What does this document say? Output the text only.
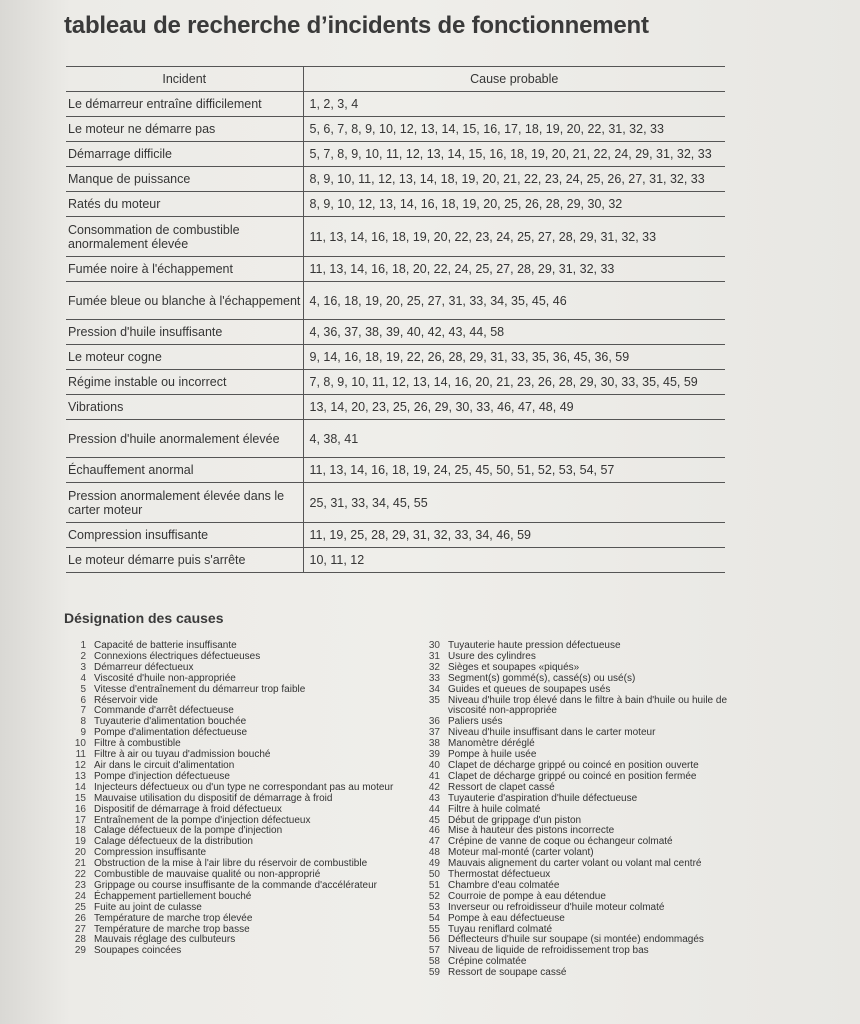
tableau de recherche d’incidents de fonctionnement
Incident	Cause probable
Le démarreur entraîne difficilement	1, 2, 3, 4
Le moteur ne démarre pas	5, 6, 7, 8, 9, 10, 12, 13, 14, 15, 16, 17, 18, 19, 20, 22, 31, 32, 33
Démarrage difficile	5, 7, 8, 9, 10, 11, 12, 13, 14, 15, 16, 18, 19, 20, 21, 22, 24, 29, 31, 32, 33
Manque de puissance	8, 9, 10, 11, 12, 13, 14, 18, 19, 20, 21, 22, 23, 24, 25, 26, 27, 31, 32, 33
Ratés du moteur	8, 9, 10, 12, 13, 14, 16, 18, 19, 20, 25, 26, 28, 29, 30, 32
Consommation de combustible anormalement élevée	11, 13, 14, 16, 18, 19, 20, 22, 23, 24, 25, 27, 28, 29, 31, 32, 33
Fumée noire à l'échappement	11, 13, 14, 16, 18, 20, 22, 24, 25, 27, 28, 29, 31, 32, 33
Fumée bleue ou blanche à l'échappement	4, 16, 18, 19, 20, 25, 27, 31, 33, 34, 35, 45, 46
Pression d'huile insuffisante	4, 36, 37, 38, 39, 40, 42, 43, 44, 58
Le moteur cogne	9, 14, 16, 18, 19, 22, 26, 28, 29, 31, 33, 35, 36, 45, 36, 59
Régime instable ou incorrect	7, 8, 9, 10, 11, 12, 13, 14, 16, 20, 21, 23, 26, 28, 29, 30, 33, 35, 45, 59
Vibrations	13, 14, 20, 23, 25, 26, 29, 30, 33, 46, 47, 48, 49
Pression d'huile anormalement élevée	4, 38, 41
Échauffement anormal	11, 13, 14, 16, 18, 19, 24, 25, 45, 50, 51, 52, 53, 54, 57
Pression anormalement élevée dans le carter moteur	25, 31, 33, 34, 45, 55
Compression insuffisante	11, 19, 25, 28, 29, 31, 32, 33, 34, 46, 59
Le moteur démarre puis s'arrête	10, 11, 12
Désignation des causes
1 Capacité de batterie insuffisante
2 Connexions électriques défectueuses
3 Démarreur défectueux
4 Viscosité d'huile non-appropriée
5 Vitesse d'entraînement du démarreur trop faible
6 Réservoir vide
7 Commande d'arrêt défectueuse
8 Tuyauterie d'alimentation bouchée
9 Pompe d'alimentation défectueuse
10 Filtre à combustible
11 Filtre à air ou tuyau d'admission bouché
12 Air dans le circuit d'alimentation
13 Pompe d'injection défectueuse
14 Injecteurs défectueux ou d'un type ne correspondant pas au moteur
15 Mauvaise utilisation du dispositif de démarrage à froid
16 Dispositif de démarrage à froid défectueux
17 Entraînement de la pompe d'injection défectueux
18 Calage défectueux de la pompe d'injection
19 Calage défectueux de la distribution
20 Compression insuffisante
21 Obstruction de la mise à l'air libre du réservoir de combustible
22 Combustible de mauvaise qualité ou non-approprié
23 Grippage ou course insuffisante de la commande d'accélérateur
24 Échappement partiellement bouché
25 Fuite au joint de culasse
26 Température de marche trop élevée
27 Température de marche trop basse
28 Mauvais réglage des culbuteurs
29 Soupapes coincées
30 Tuyauterie haute pression défectueuse
31 Usure des cylindres
32 Sièges et soupapes «piqués»
33 Segment(s) gommé(s), cassé(s) ou usé(s)
34 Guides et queues de soupapes usés
35 Niveau d'huile trop élevé dans le filtre à bain d'huile ou huile de viscosité non-appropriée
36 Paliers usés
37 Niveau d'huile insuffisant dans le carter moteur
38 Manomètre déréglé
39 Pompe à huile usée
40 Clapet de décharge grippé ou coincé en position ouverte
41 Clapet de décharge grippé ou coincé en position fermée
42 Ressort de clapet cassé
43 Tuyauterie d'aspiration d'huile défectueuse
44 Filtre à huile colmaté
45 Début de grippage d'un piston
46 Mise à hauteur des pistons incorrecte
47 Crépine de vanne de coque ou échangeur colmaté
48 Moteur mal-monté (carter volant)
49 Mauvais alignement du carter volant ou volant mal centré
50 Thermostat défectueux
51 Chambre d'eau colmatée
52 Courroie de pompe à eau détendue
53 Inverseur ou refroidisseur d'huile moteur colmaté
54 Pompe à eau défectueuse
55 Tuyau reniflard colmaté
56 Déflecteurs d'huile sur soupape (si montée) endommagés
57 Niveau de liquide de refroidissement trop bas
58 Crépine colmatée
59 Ressort de soupape cassé
